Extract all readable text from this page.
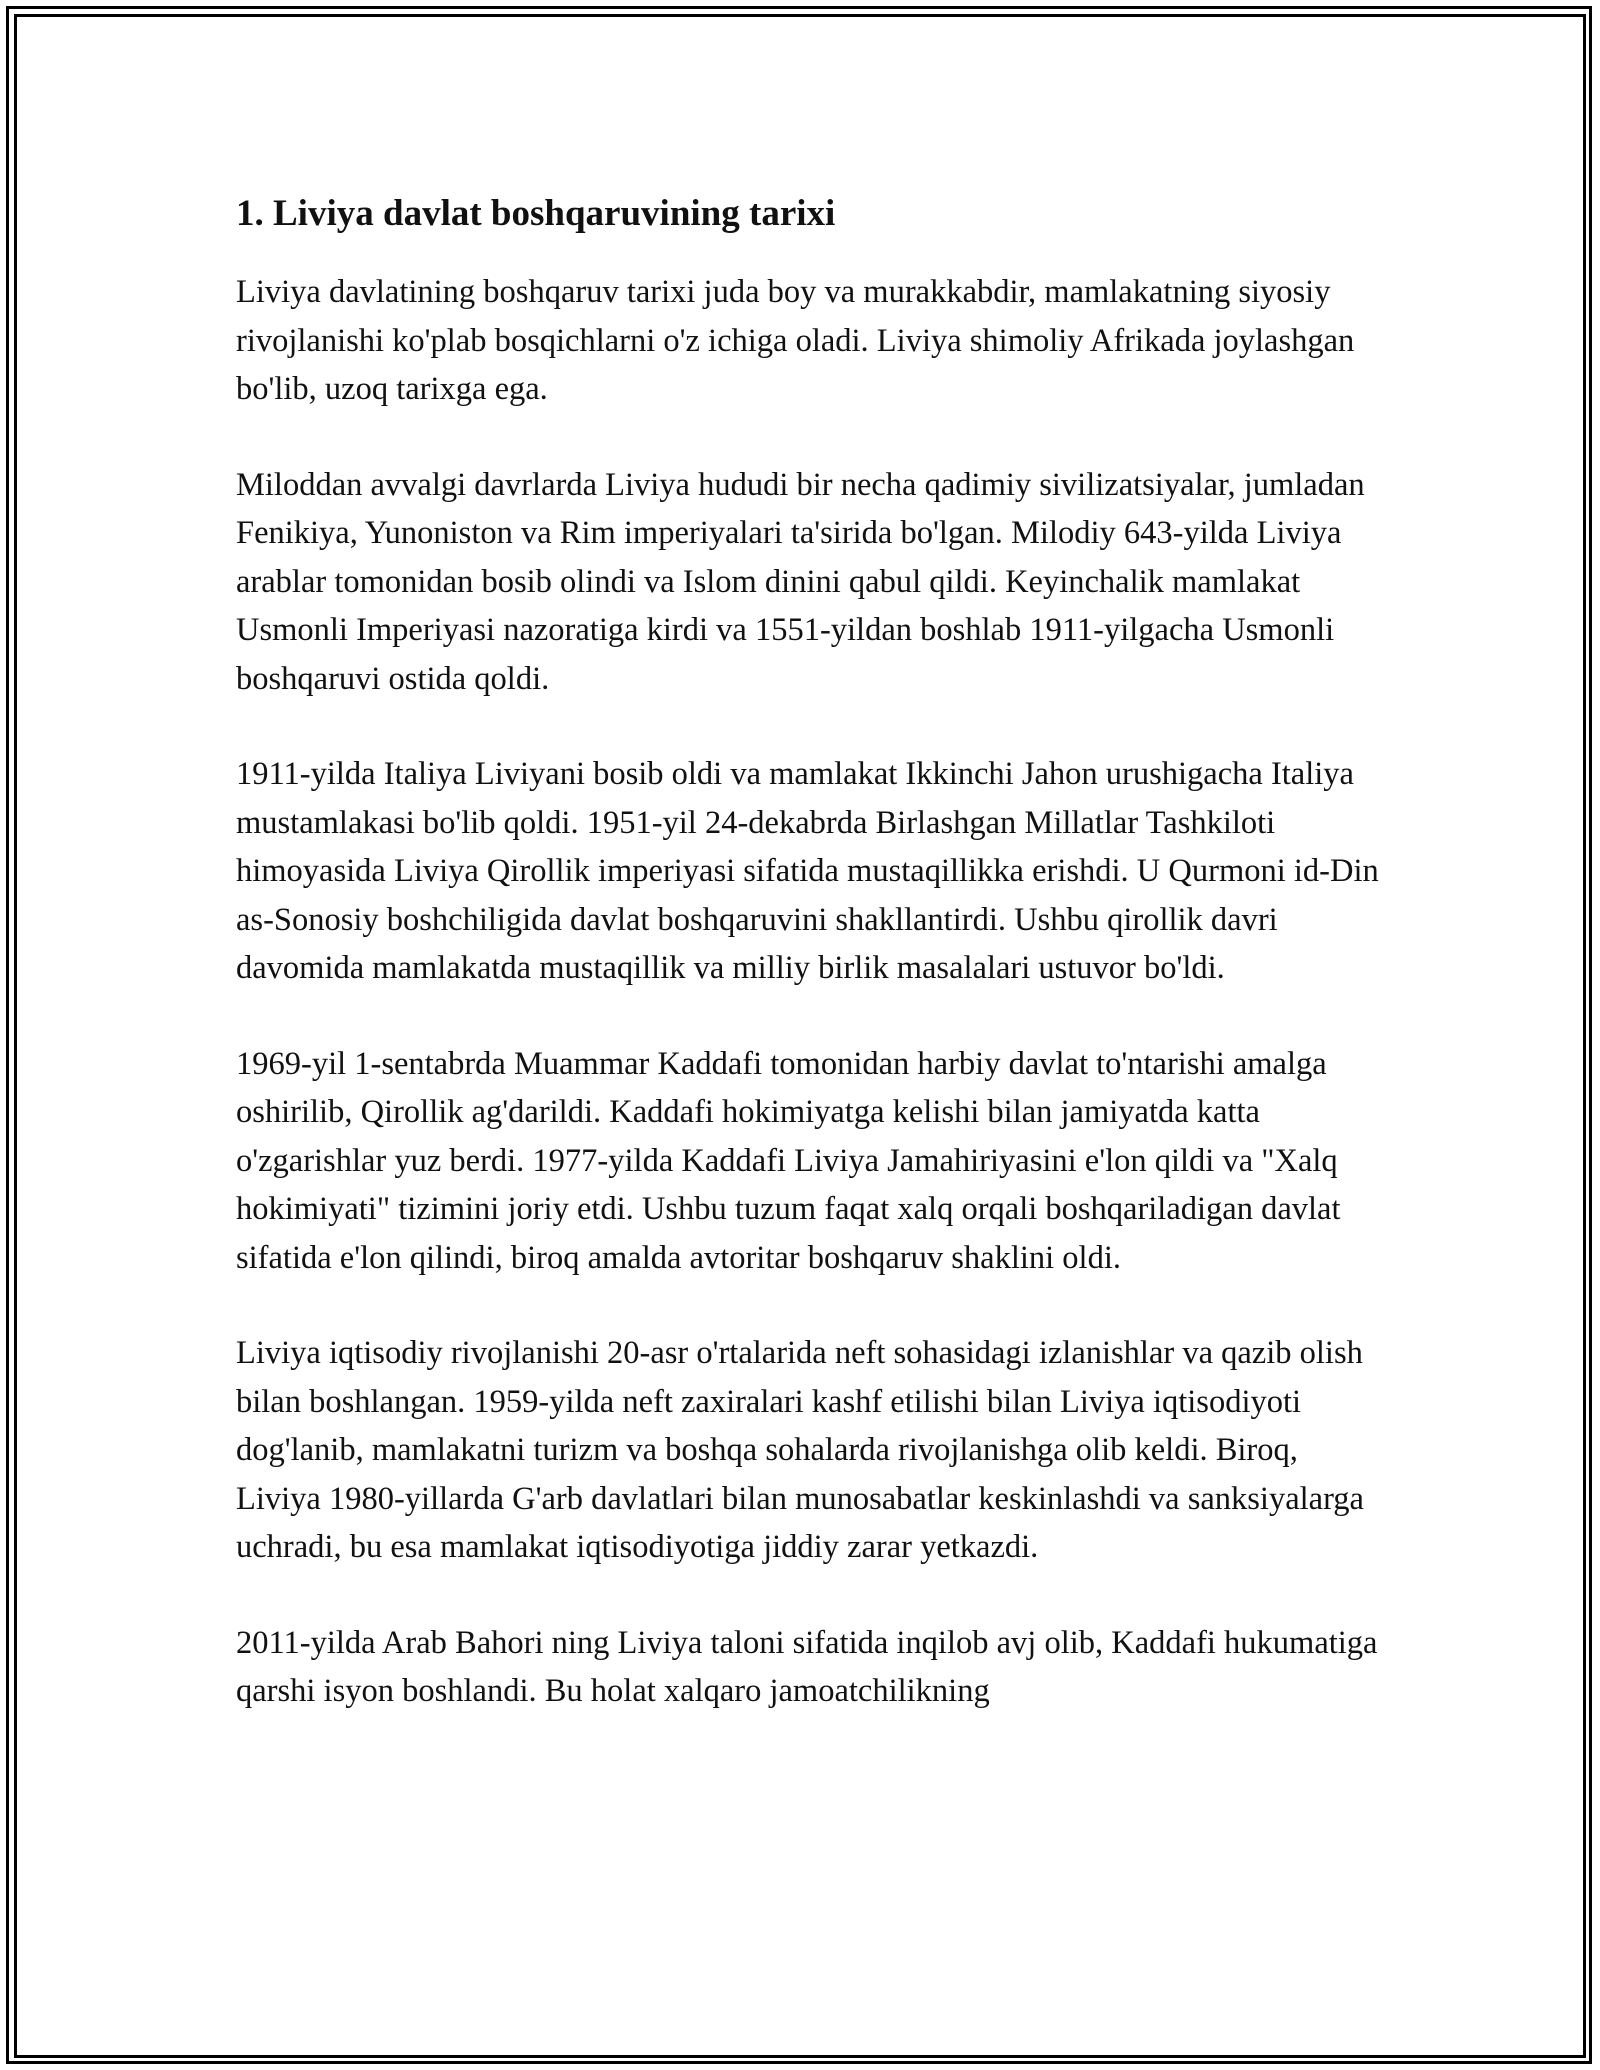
1. Liviya davlat boshqaruvining tarixi

Liviya davlatining boshqaruv tarixi juda boy va murakkabdir, mamlakatning siyosiy rivojlanishi ko'plab bosqichlarni o'z ichiga oladi. Liviya shimoliy Afrikada joylashgan bo'lib, uzoq tarixga ega.

Miloddan avvalgi davrlarda Liviya hududi bir necha qadimiy sivilizatsiyalar, jumladan Fenikiya, Yunoniston va Rim imperiyalari ta'sirida bo'lgan. Milodiy 643-yilda Liviya arablar tomonidan bosib olindi va Islom dinini qabul qildi. Keyinchalik mamlakat Usmonli Imperiyasi nazoratiga kirdi va 1551-yildan boshlab 1911-yilgacha Usmonli boshqaruvi ostida qoldi.

1911-yilda Italiya Liviyani bosib oldi va mamlakat Ikkinchi Jahon urushigacha Italiya mustamlakasi bo'lib qoldi. 1951-yil 24-dekabrda Birlashgan Millatlar Tashkiloti himoyasida Liviya Qirollik imperiyasi sifatida mustaqillikka erishdi. U Qurmoni id-Din as-Sonosiy boshchiligida davlat boshqaruvini shakllantirdi. Ushbu qirollik davri davomida mamlakatda mustaqillik va milliy birlik masalalari ustuvor bo'ldi.

1969-yil 1-sentabrda Muammar Kaddafi tomonidan harbiy davlat to'ntarishi amalga oshirilib, Qirollik ag'darildi. Kaddafi hokimiyatga kelishi bilan jamiyatda katta o'zgarishlar yuz berdi. 1977-yilda Kaddafi Liviya Jamahiriyasini e'lon qildi va "Xalq hokimiyati" tizimini joriy etdi. Ushbu tuzum faqat xalq orqali boshqariladigan davlat sifatida e'lon qilindi, biroq amalda avtoritar boshqaruv shaklini oldi.

Liviya iqtisodiy rivojlanishi 20-asr o'rtalarida neft sohasidagi izlanishlar va qazib olish bilan boshlangan. 1959-yilda neft zaxiralari kashf etilishi bilan Liviya iqtisodiyoti dog'lanib, mamlakatni turizm va boshqa sohalarda rivojlanishga olib keldi. Biroq, Liviya 1980-yillarda G'arb davlatlari bilan munosabatlar keskinlashdi va sanksiyalarga uchradi, bu esa mamlakat iqtisodiyotiga jiddiy zarar yetkazdi.

2011-yilda Arab Bahori ning Liviya taloni sifatida inqilob avj olib, Kaddafi hukumatiga qarshi isyon boshlandi. Bu holat xalqaro jamoatchilikning
